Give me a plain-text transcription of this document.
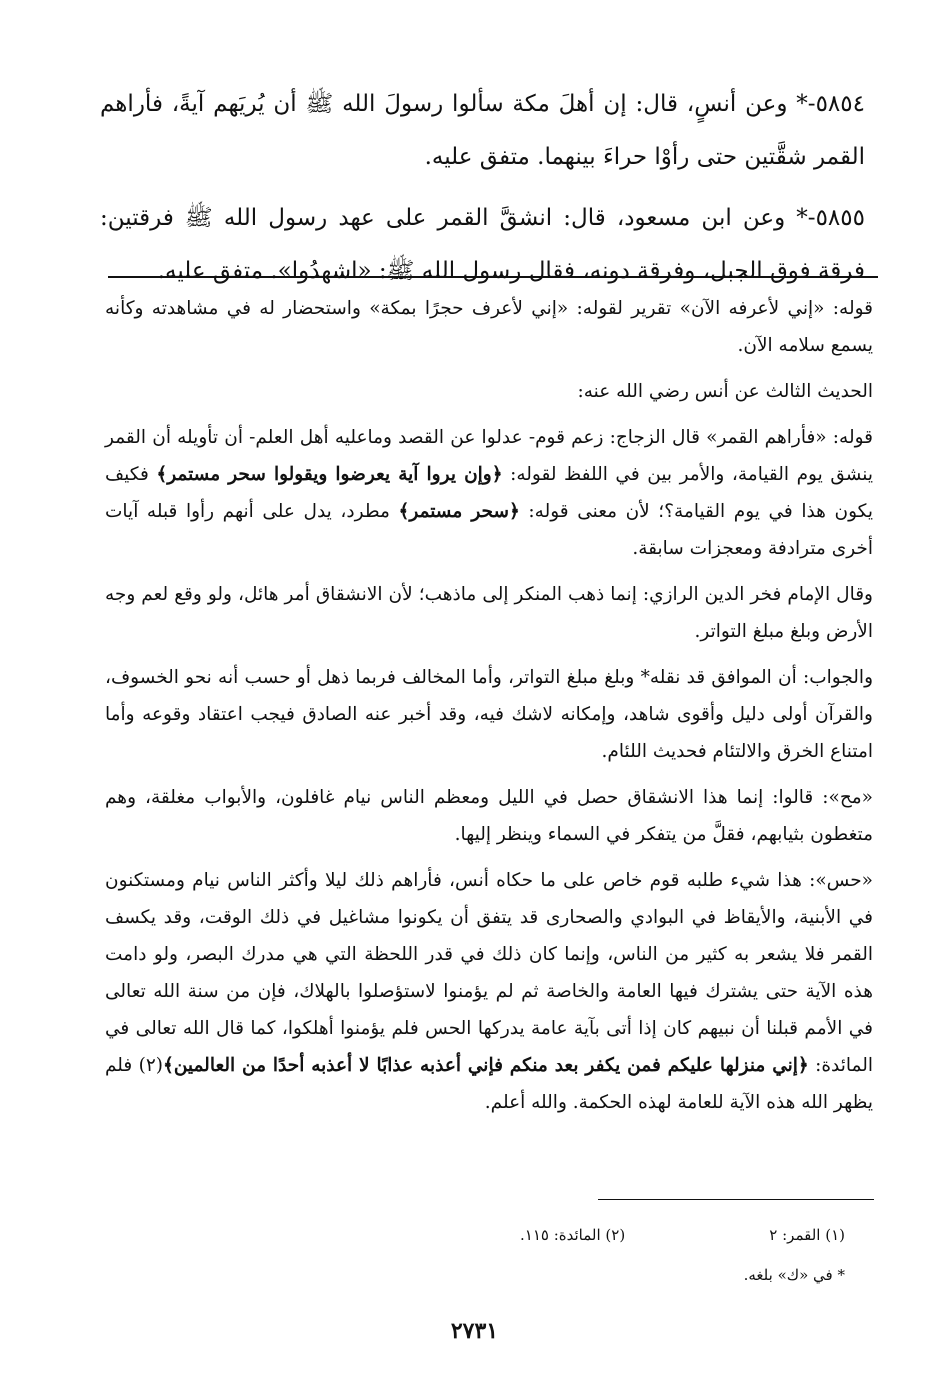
٥٨٥٤-* وعن أنسٍ، قال: إن أهلَ مكة سألوا رسولَ الله ﷺ أن يُريَهم آيةً، فأراهم القمر شقَّتين حتى رأوْا حراءَ بينهما. متفق عليه.

٥٨٥٥-* وعن ابن مسعود، قال: انشقَّ القمر على عهد رسول الله ﷺ فرقتين: فرقة فوق الجبل، وفرقة دونه، فقال رسول الله ﷺ: «اشهدُوا». متفق عليه.

قوله: «إني لأعرفه الآن» تقرير لقوله: «إني لأعرف حجرًا بمكة» واستحضار له في مشاهدته وكأنه يسمع سلامه الآن.

الحديث الثالث عن أنس رضي الله عنه:

قوله: «فأراهم القمر» قال الزجاج: زعم قوم- عدلوا عن القصد وماعليه أهل العلم- أن تأويله أن القمر ينشق يوم القيامة، والأمر بين في اللفظ لقوله: ﴿وإن يروا آية يعرضوا ويقولوا سحر مستمر﴾ فكيف يكون هذا في يوم القيامة؟؛ لأن معنى قوله: ﴿سحر مستمر﴾ مطرد، يدل على أنهم رأوا قبله آيات أخرى مترادفة ومعجزات سابقة.

وقال الإمام فخر الدين الرازي: إنما ذهب المنكر إلى ماذهب؛ لأن الانشقاق أمر هائل، ولو وقع لعم وجه الأرض وبلغ مبلغ التواتر.

والجواب: أن الموافق قد نقله* وبلغ مبلغ التواتر، وأما المخالف فربما ذهل أو حسب أنه نحو الخسوف، والقرآن أولى دليل وأقوى شاهد، وإمكانه لاشك فيه، وقد أخبر عنه الصادق فيجب اعتقاد وقوعه وأما امتناع الخرق والالتئام فحديث اللئام.

«مح»: قالوا: إنما هذا الانشقاق حصل في الليل ومعظم الناس نيام غافلون، والأبواب مغلقة، وهم متغطون بثيابهم، فقلَّ من يتفكر في السماء وينظر إليها.

«حس»: هذا شيء طلبه قوم خاص على ما حكاه أنس، فأراهم ذلك ليلا وأكثر الناس نيام ومستكنون في الأبنية، والأيقاظ في البوادي والصحارى قد يتفق أن يكونوا مشاغيل في ذلك الوقت، وقد يكسف القمر فلا يشعر به كثير من الناس، وإنما كان ذلك في قدر اللحظة التي هي مدرك البصر، ولو دامت هذه الآية حتى يشترك فيها العامة والخاصة ثم لم يؤمنوا لاستؤصلوا بالهلاك، فإن من سنة الله تعالى في الأمم قبلنا أن نبيهم كان إذا أتى بآية عامة يدركها الحس فلم يؤمنوا أهلكوا، كما قال الله تعالى في المائدة: ﴿إني منزلها عليكم فمن يكفر بعد منكم فإني أعذبه عذابًا لا أعذبه أحدًا من العالمين﴾(٢) فلم يظهر الله هذه الآية للعامة لهذه الحكمة. والله أعلم.

(١) القمر: ٢
(٢) المائدة: ١١٥.
* في «ك» بلغه.
٢٧٣١
